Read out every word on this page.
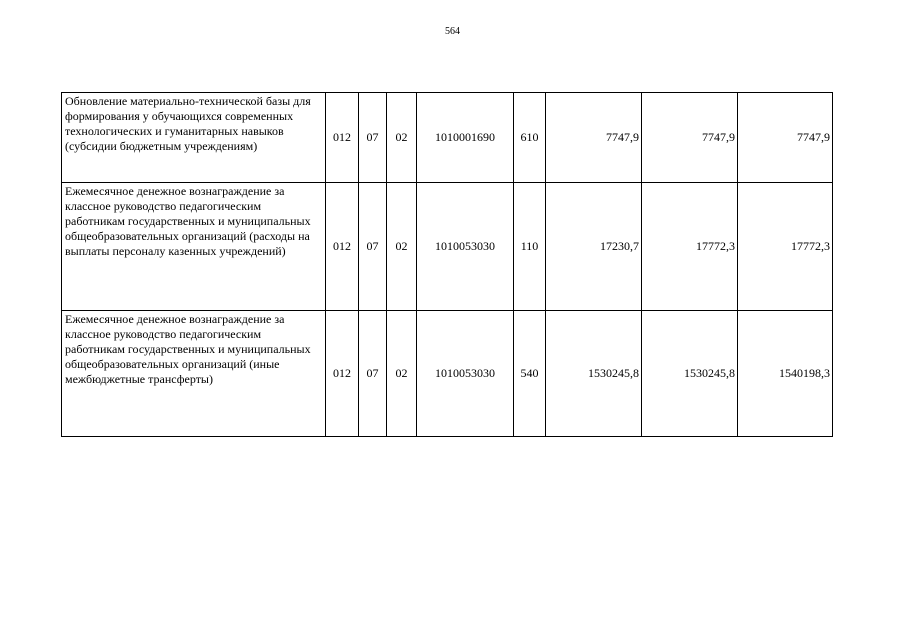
564
Обновление материально-технической базы для формирования у обучающихся современных технологических и гуманитарных навыков (субсидии бюджетным учреждениям)	012	07	02	1010001690	610	7747,9	7747,9	7747,9
Ежемесячное денежное вознаграждение за классное руководство педагогическим работникам государственных и муниципальных общеобразовательных организаций (расходы на выплаты персоналу казенных учреждений)	012	07	02	1010053030	110	17230,7	17772,3	17772,3
Ежемесячное денежное вознаграждение за классное руководство педагогическим работникам государственных и муниципальных общеобразовательных организаций (иные межбюджетные трансферты)	012	07	02	1010053030	540	1530245,8	1530245,8	1540198,3
